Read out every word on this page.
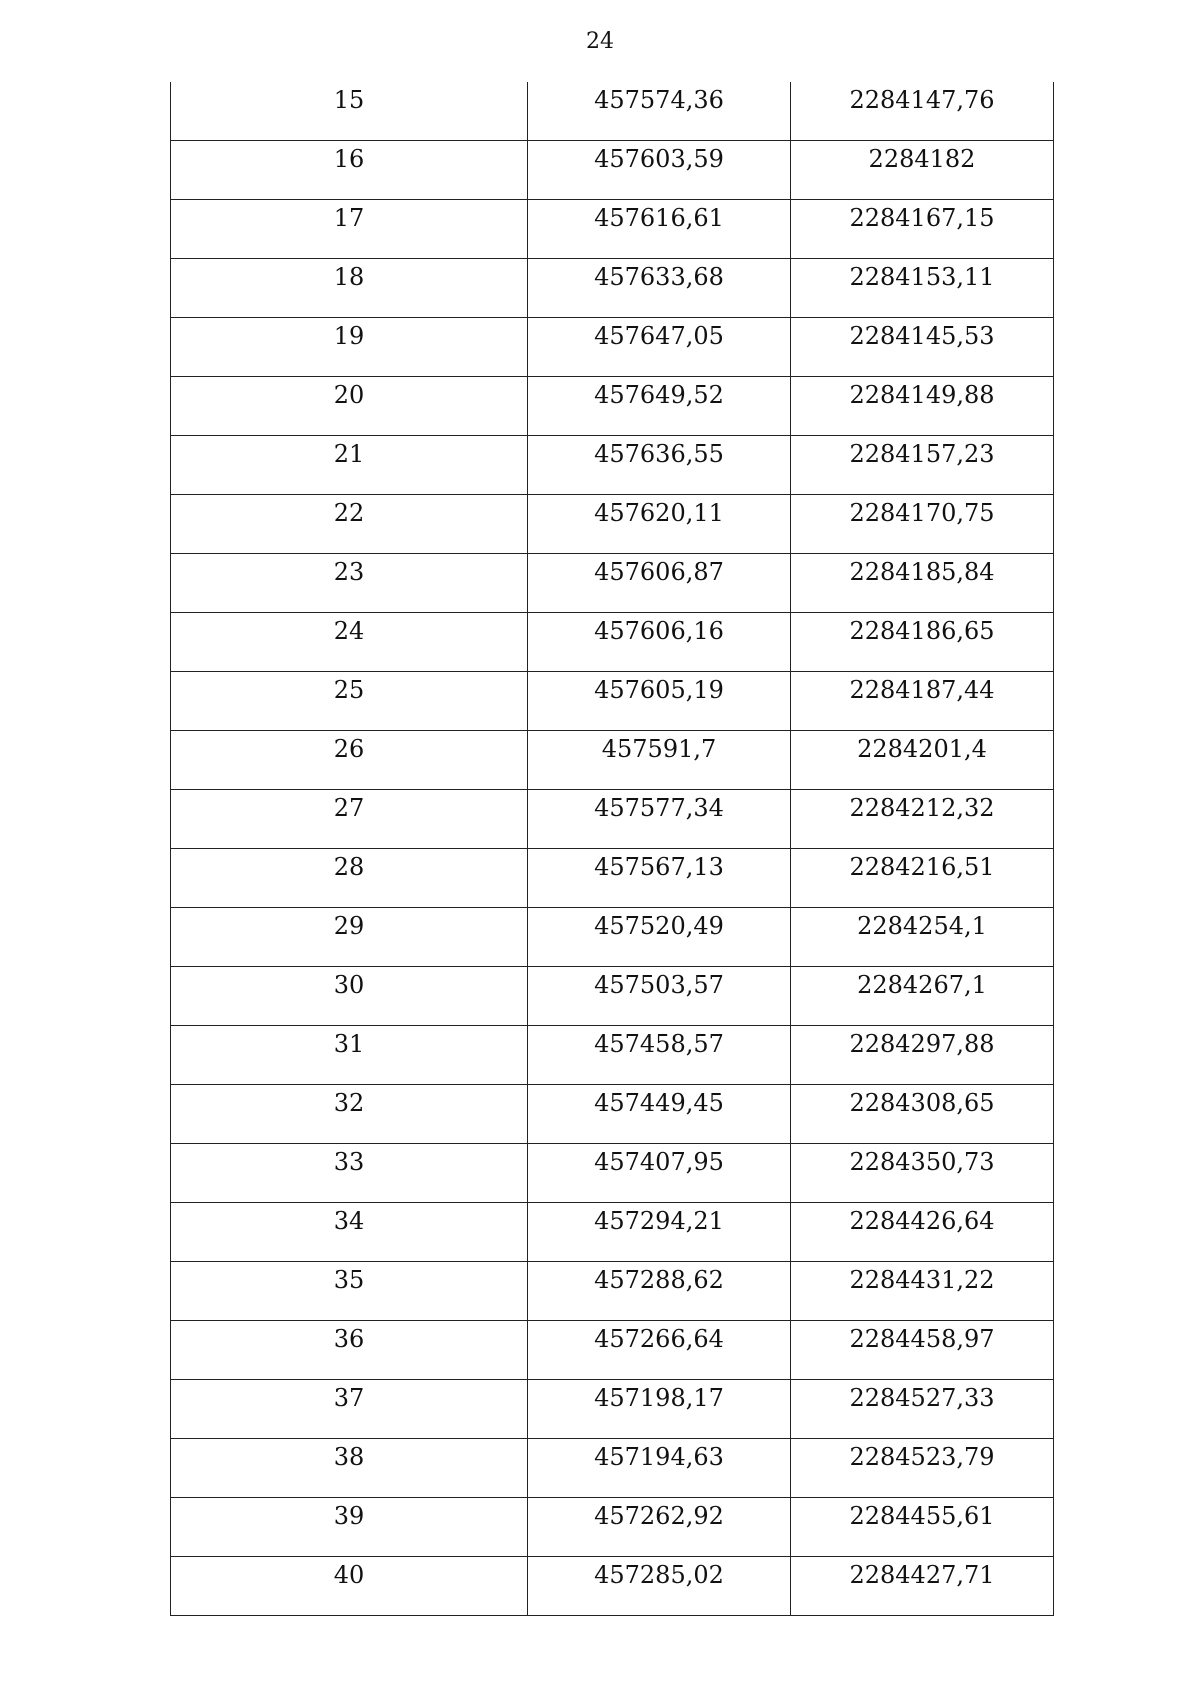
24
15	457574,36	2284147,76

16	457603,59	2284182

17	457616,61	2284167,15

18	457633,68	2284153,11

19	457647,05	2284145,53

20	457649,52	2284149,88

21	457636,55	2284157,23

22	457620,11	2284170,75

23	457606,87	2284185,84

24	457606,16	2284186,65

25	457605,19	2284187,44

26	457591,7	2284201,4

27	457577,34	2284212,32

28	457567,13	2284216,51

29	457520,49	2284254,1

30	457503,57	2284267,1

31	457458,57	2284297,88

32	457449,45	2284308,65

33	457407,95	2284350,73

34	457294,21	2284426,64

35	457288,62	2284431,22

36	457266,64	2284458,97

37	457198,17	2284527,33

38	457194,63	2284523,79

39	457262,92	2284455,61

40	457285,02	2284427,71
